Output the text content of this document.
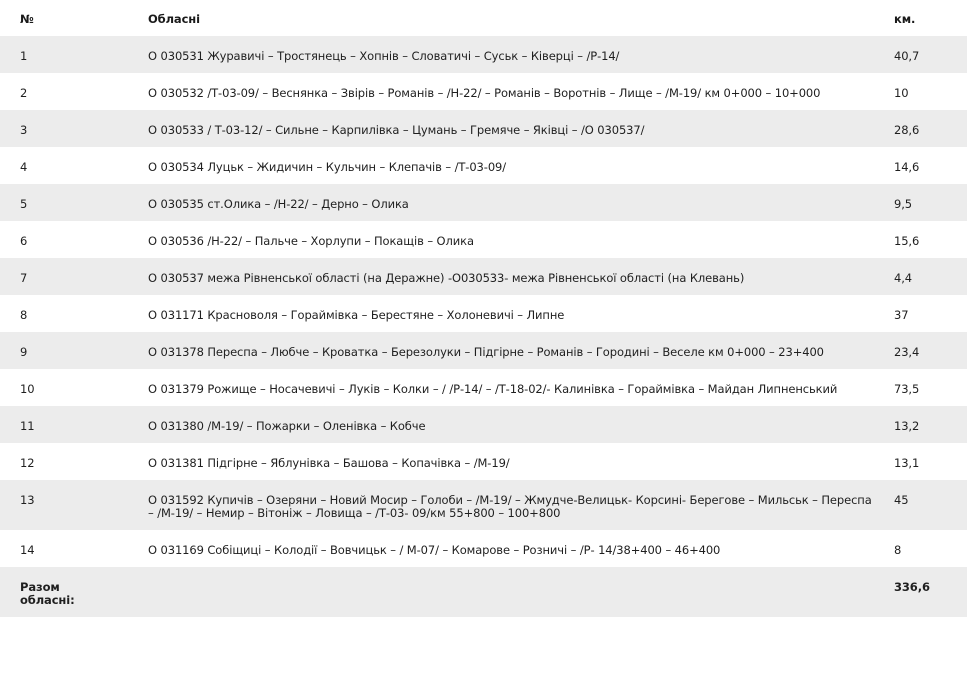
№	Обласні	км.
1	О 030531 Журавичі – Тростянець – Хопнів – Словатичі – Суськ – Ківерці – /Р-14/	40,7
2	О 030532 /Т-03-09/ – Веснянка – Звірів – Романів – /Н-22/ – Романів – Воротнів – Лище – /М-19/ км 0+000 – 10+000	10
3	О 030533 / Т-03-12/ – Сильне – Карпилівка – Цумань – Гремяче – Яківці – /О 030537/	28,6
4	О 030534 Луцьк – Жидичин – Кульчин – Клепачів – /Т-03-09/	14,6
5	О 030535 ст.Олика – /Н-22/ – Дерно – Олика	9,5
6	О 030536 /Н-22/ – Пальче – Хорлупи – Покащів – Олика	15,6
7	О 030537 межа Рівненської області (на Деражне) -О030533- межа Рівненської області (на Клевань)	4,4
8	О 031171 Красноволя – Гораймівка – Берестяне – Холоневичі – Липне	37
9	О 031378 Переспа – Любче – Кроватка – Березолуки – Підгірне – Романів – Городині – Веселе км 0+000 – 23+400	23,4
10	О 031379 Рожище – Носачевичі – Луків – Колки – / /Р-14/ – /Т-18-02/- Калинівка – Гораймівка – Майдан Липненський	73,5
11	О 031380 /М-19/ – Пожарки – Оленівка – Кобче	13,2
12	О 031381 Підгірне – Яблунівка – Башова – Копачівка – /М-19/	13,1
13	О 031592 Купичів – Озеряни – Новий Мосир – Голоби – /М-19/ – Жмудче-Велицьк- Корсині- Берегове – Мильськ – Переспа – /М-19/ – Немир – Вітоніж – Ловища – /Т-03- 09/км 55+800 – 100+800	45
14	О 031169 Собіщиці – Колодії – Вовчицьк – / М-07/ – Комарове – Розничі – /Р- 14/38+400 – 46+400	8
Разом обласні:		336,6
